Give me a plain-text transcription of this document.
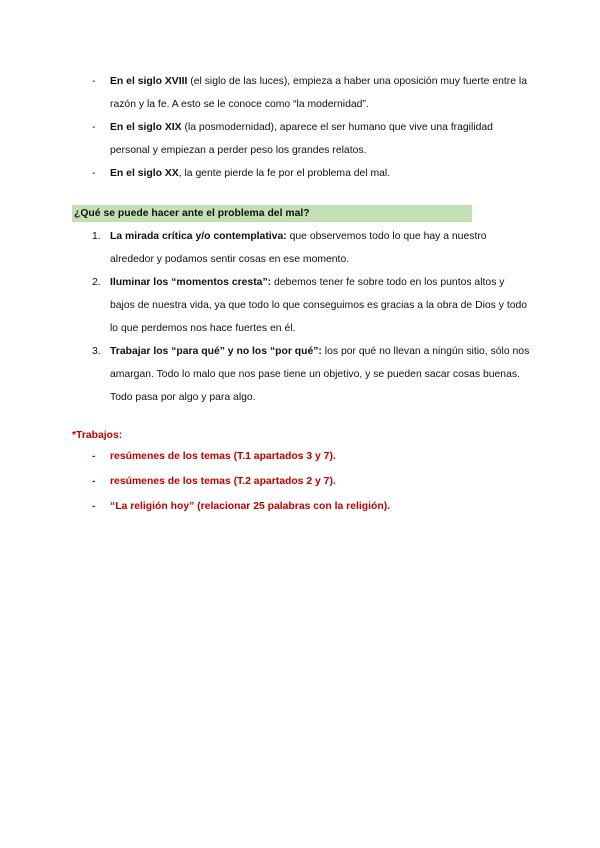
-	En el siglo XVIII (el siglo de las luces), empieza a haber una oposición muy fuerte entre la razón y la fe. A esto se le conoce como “la modernidad”.
-	En el siglo XIX (la posmodernidad), aparece el ser humano que vive una fragilidad personal y empiezan a perder peso los grandes relatos.
-	En el siglo XX, la gente pierde la fe por el problema del mal.
¿Qué se puede hacer ante el problema del mal?
1. La mirada crítica y/o contemplativa: que observemos todo lo que hay a nuestro alrededor y podamos sentir cosas en ese momento.
2. Iluminar los “momentos cresta”: debemos tener fe sobre todo en los puntos altos y bajos de nuestra vida, ya que todo lo que conseguimos es gracias a la obra de Dios y todo lo que perdemos nos hace fuertes en él.
3. Trabajar los “para qué” y no los “por qué”: los por qué no llevan a ningún sitio, sólo nos amargan. Todo lo malo que nos pase tiene un objetivo, y se pueden sacar cosas buenas. Todo pasa por algo y para algo.
*Trabajos:
-	resúmenes de los temas (T.1 apartados 3 y 7).
-	resúmenes de los temas (T.2 apartados 2 y 7).
-	“La religión hoy” (relacionar 25 palabras con la religión).
